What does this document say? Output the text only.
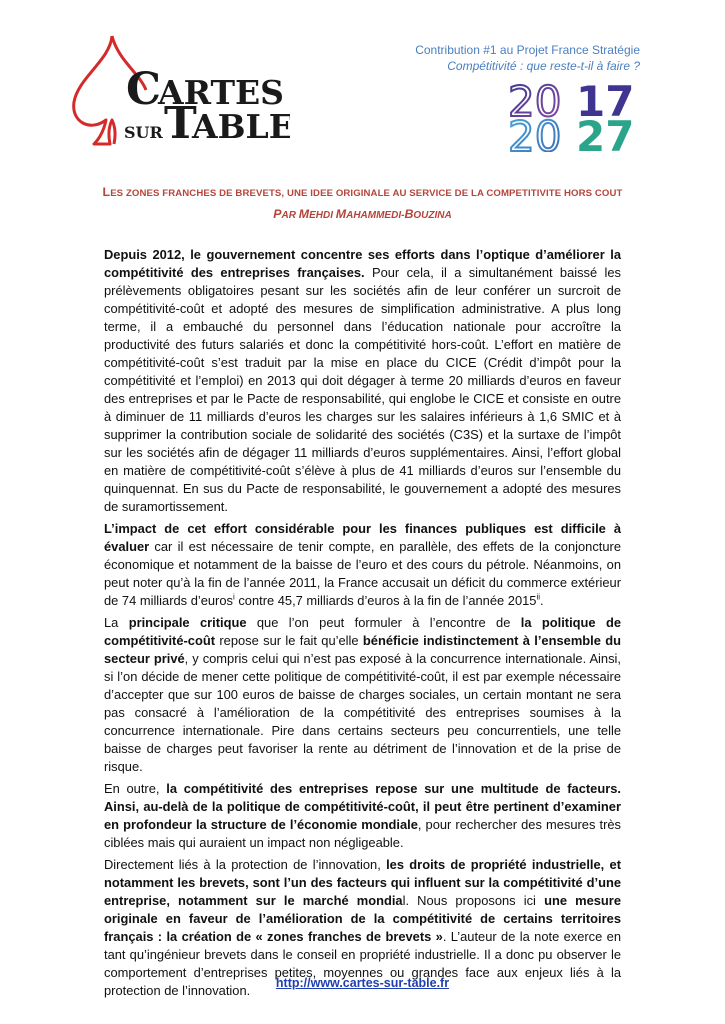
C
ARTES
SUR T
ABLE
Contribution #1 au Projet France Stratégie
Compétitivité : que reste-t-il à faire ?
20 17
20 27
LES ZONES FRANCHES DE BREVETS, UNE IDEE ORIGINALE AU SERVICE DE LA COMPETITIVITE HORS COUT
PAR MEHDI MAHAMMEDI-BOUZINA

Depuis 2012, le gouvernement concentre ses efforts dans l’optique d’améliorer la compétitivité des entreprises françaises. Pour cela, il a simultanément baissé les prélèvements obligatoires pesant sur les sociétés afin de leur conférer un surcroit de compétitivité-coût et adopté des mesures de simplification administrative. A plus long terme, il a embauché du personnel dans l’éducation nationale pour accroître la productivité des futurs salariés et donc la compétitivité hors-coût. L’effort en matière de compétitivité-coût s’est traduit par la mise en place du CICE (Crédit d’impôt pour la compétitivité et l’emploi) en 2013 qui doit dégager à terme 20 milliards d’euros en faveur des entreprises et par le Pacte de responsabilité, qui englobe le CICE et consiste en outre à diminuer de 11 milliards d’euros les charges sur les salaires inférieurs à 1,6 SMIC et à supprimer la contribution sociale de solidarité des sociétés (C3S) et la surtaxe de l’impôt sur les sociétés afin de dégager 11 milliards d’euros supplémentaires. Ainsi, l’effort global en matière de compétitivité-coût s’élève à plus de 41 milliards d’euros sur l’ensemble du quinquennat. En sus du Pacte de responsabilité, le gouvernement a adopté des mesures de suramortissement.

L’impact de cet effort considérable pour les finances publiques est difficile à évaluer car il est nécessaire de tenir compte, en parallèle, des effets de la conjoncture économique et notamment de la baisse de l’euro et des cours du pétrole. Néanmoins, on peut noter qu’à la fin de l’année 2011, la France accusait un déficit du commerce extérieur de 74 milliards d’euros$^i$ contre 45,7 milliards d’euros à la fin de l’année 2015$^{ii}$.

La principale critique que l’on peut formuler à l’encontre de la politique de compétitivité-coût repose sur le fait qu’elle bénéficie indistinctement à l’ensemble du secteur privé, y compris celui qui n’est pas exposé à la concurrence internationale. Ainsi, si l’on décide de mener cette politique de compétitivité-coût, il est par exemple nécessaire d’accepter que sur 100 euros de baisse de charges sociales, un certain montant ne sera pas consacré à l’amélioration de la compétitivité des entreprises soumises à la concurrence internationale. Pire dans certains secteurs peu concurrentiels, une telle baisse de charges peut favoriser la rente au détriment de l’innovation et de la prise de risque.

En outre, la compétitivité des entreprises repose sur une multitude de facteurs. Ainsi, au-delà de la politique de compétitivité-coût, il peut être pertinent d’examiner en profondeur la structure de l’économie mondiale, pour rechercher des mesures très ciblées mais qui auraient un impact non négligeable.

Directement liés à la protection de l’innovation, les droits de propriété industrielle, et notamment les brevets, sont l’un des facteurs qui influent sur la compétitivité d’une entreprise, notamment sur le marché mondial. Nous proposons ici une mesure originale en faveur de l’amélioration de la compétitivité de certains territoires français : la création de « zones franches de brevets ». L’auteur de la note exerce en tant qu’ingénieur brevets dans le conseil en propriété industrielle. Il a donc pu observer le comportement d’entreprises petites, moyennes ou grandes face aux enjeux liés à la protection de l’innovation.	http://www.cartes-sur-table.fr
